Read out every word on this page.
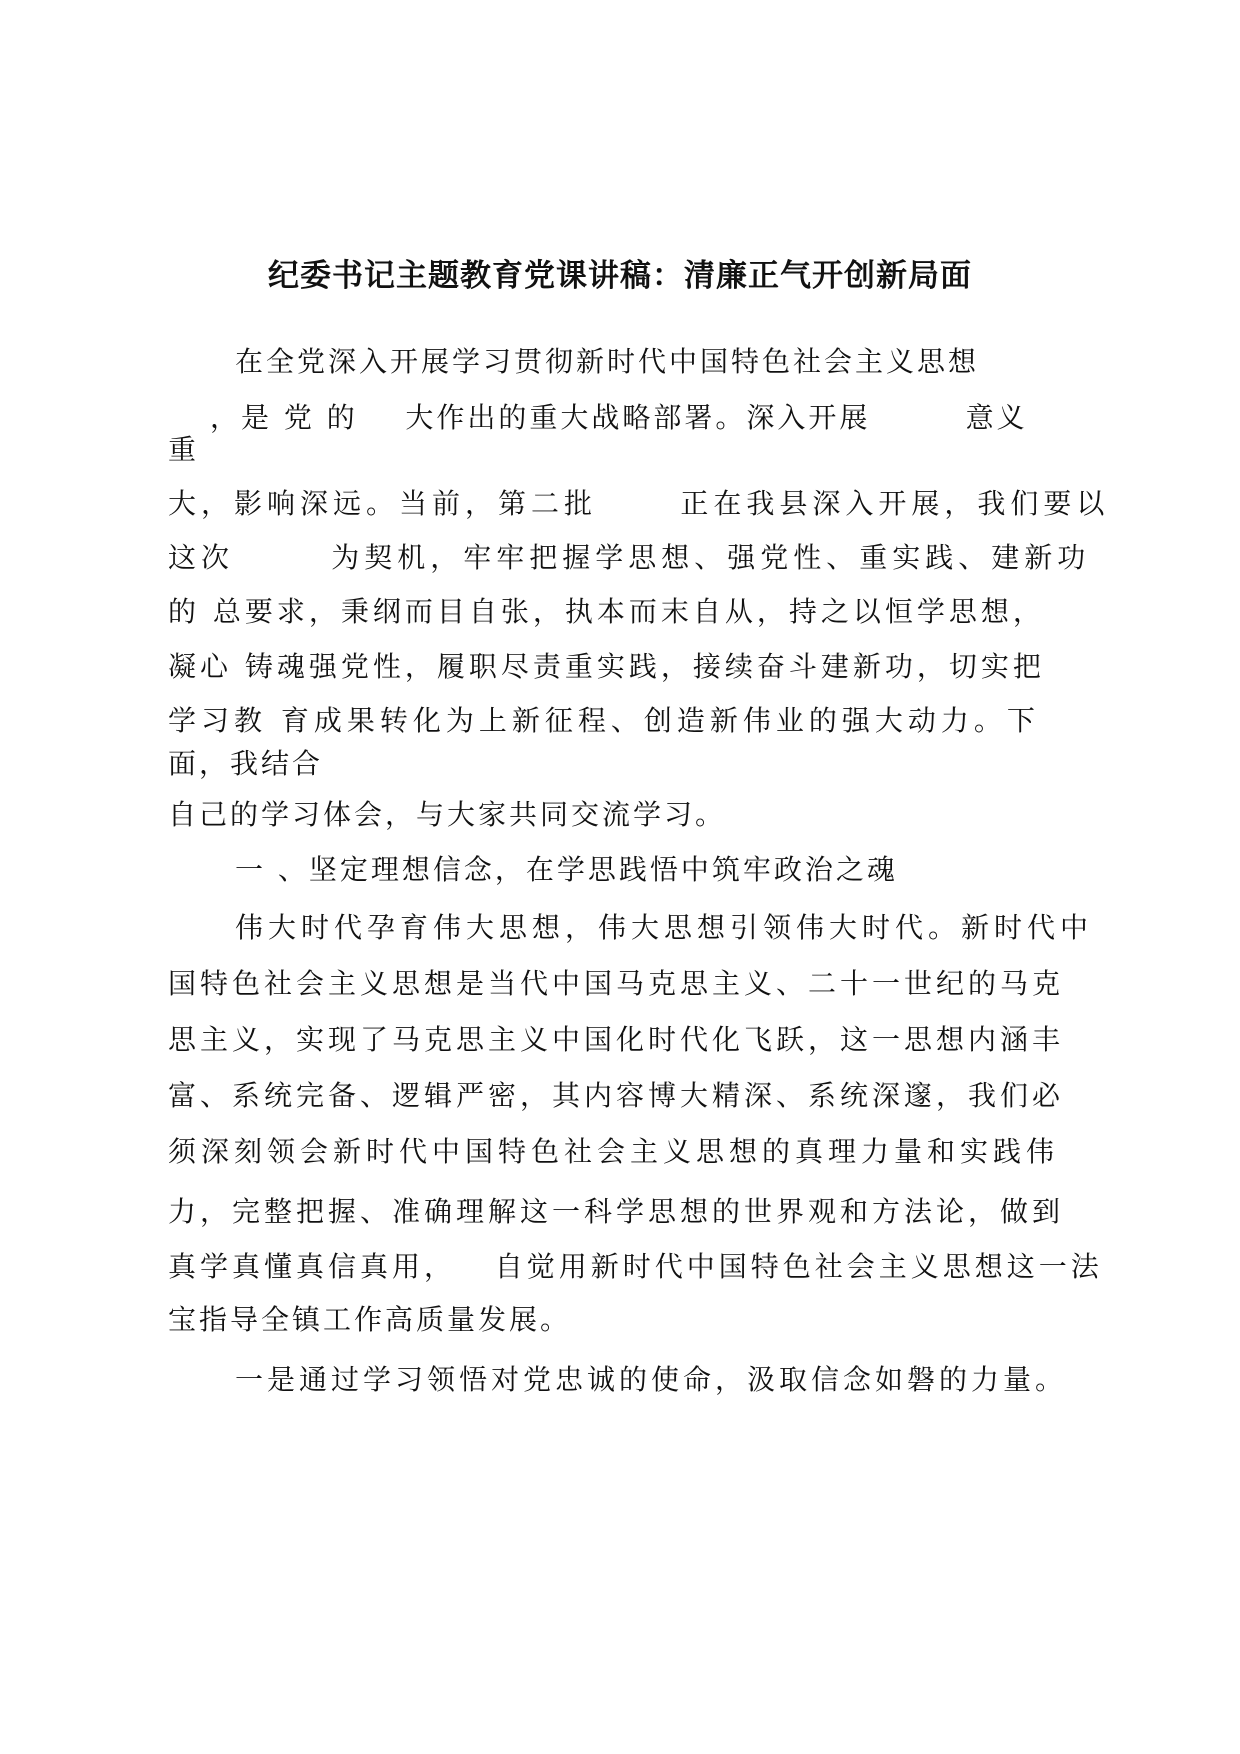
纪委书记主题教育党课讲稿：清廉正气开创新局面

在全党深入开展学习贯彻新时代中国特色社会主义思想

，是 党 的    大作出的重大战略部署。深入开展        意义

重

大，影响深远。当前，第二批      正在我县深入开展，我们要以

这次       为契机，牢牢把握学思想、强党性、重实践、建新功

的 总要求，秉纲而目自张，执本而末自从，持之以恒学思想，

凝心 铸魂强党性，履职尽责重实践，接续奋斗建新功，切实把

学习教 育成果转化为上新征程、创造新伟业的强大动力。下

面，我结合

自己的学习体会，与大家共同交流学习。

一 、坚定理想信念，在学思践悟中筑牢政治之魂

伟大时代孕育伟大思想，伟大思想引领伟大时代。新时代中

国特色社会主义思想是当代中国马克思主义、二十一世纪的马克

思主义，实现了马克思主义中国化时代化飞跃，这一思想内涵丰

富、系统完备、逻辑严密，其内容博大精深、系统深邃，我们必

须深刻领会新时代中国特色社会主义思想的真理力量和实践伟

力，完整把握、准确理解这一科学思想的世界观和方法论，做到

真学真懂真信真用，   自觉用新时代中国特色社会主义思想这一法

宝指导全镇工作高质量发展。

一是通过学习领悟对党忠诚的使命，汲取信念如磐的力量。
